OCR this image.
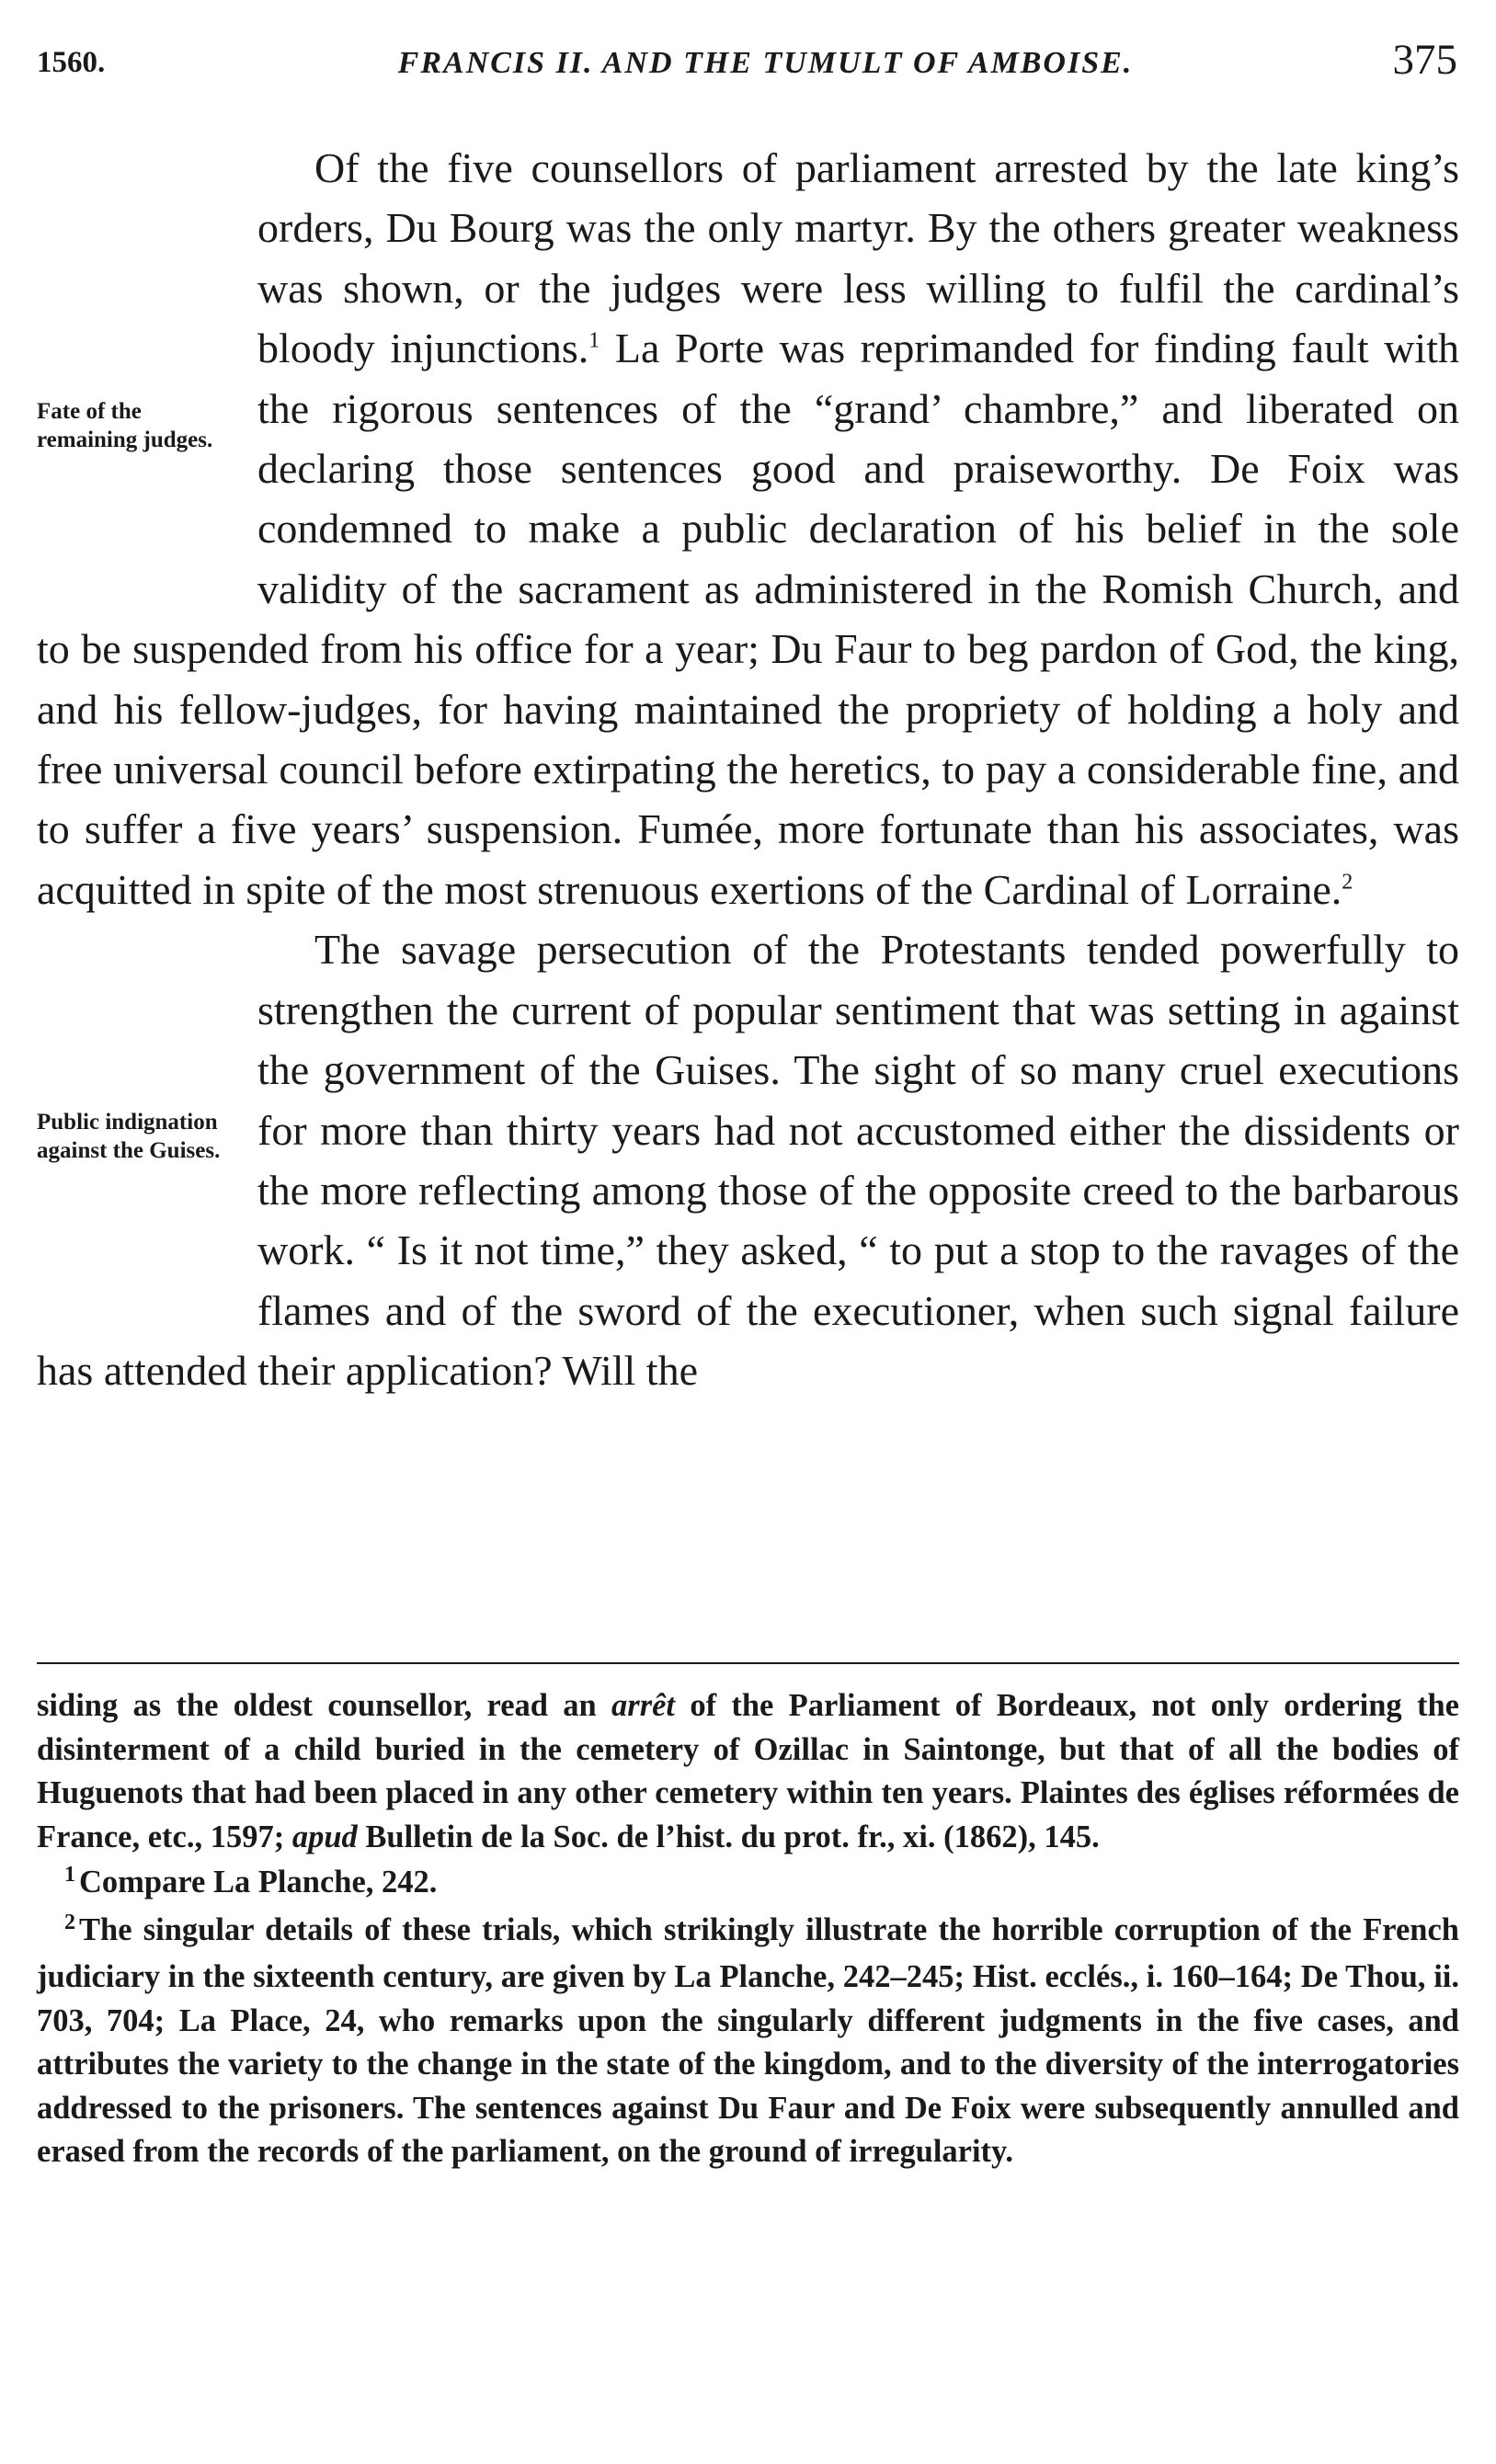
1560.	FRANCIS II. AND THE TUMULT OF AMBOISE.	375
Fate of the remaining judges.

Of the five counsellors of parliament arrested by the late king’s orders, Du Bourg was the only martyr. By the others greater weakness was shown, or the judges were less willing to fulfil the cardinal’s bloody injunctions.$^1$ La Porte was reprimanded for finding fault with the rigorous sentences of the “grand’ chambre,” and liberated on declaring those sentences good and praiseworthy. De Foix was condemned to make a public declaration of his belief in the sole validity of the sacrament as administered in the Romish Church, and to be suspended from his office for a year; Du Faur to beg pardon of God, the king, and his fellow-judges, for having maintained the propriety of holding a holy and free universal council before extirpating the heretics, to pay a considerable fine, and to suffer a five years’ suspension. Fumée, more fortunate than his associates, was acquitted in spite of the most strenuous exertions of the Cardinal of Lorraine.$^2$

Public indignation against the Guises.

The savage persecution of the Protestants tended powerfully to strengthen the current of popular sentiment that was setting in against the government of the Guises. The sight of so many cruel executions for more than thirty years had not accustomed either the dissidents or the more reflecting among those of the opposite creed to the barbarous work. “ Is it not time,” they asked, “ to put a stop to the ravages of the flames and of the sword of the executioner, when such signal failure has attended their application? Will the

siding as the oldest counsellor, read an arrêt of the Parliament of Bordeaux, not only ordering the disinterment of a child buried in the cemetery of Ozillac in Saintonge, but that of all the bodies of Huguenots that had been placed in any other cemetery within ten years. Plaintes des églises réformées de France, etc., 1597; apud Bulletin de la Soc. de l’hist. du prot. fr., xi. (1862), 145.

$^1$ Compare La Planche, 242.

$^2$ The singular details of these trials, which strikingly illustrate the horrible corruption of the French judiciary in the sixteenth century, are given by La Planche, 242–245; Hist. ecclés., i. 160–164; De Thou, ii. 703, 704; La Place, 24, who remarks upon the singularly different judgments in the five cases, and attributes the variety to the change in the state of the kingdom, and to the diversity of the interrogatories addressed to the prisoners. The sentences against Du Faur and De Foix were subsequently annulled and erased from the records of the parliament, on the ground of irregularity.
